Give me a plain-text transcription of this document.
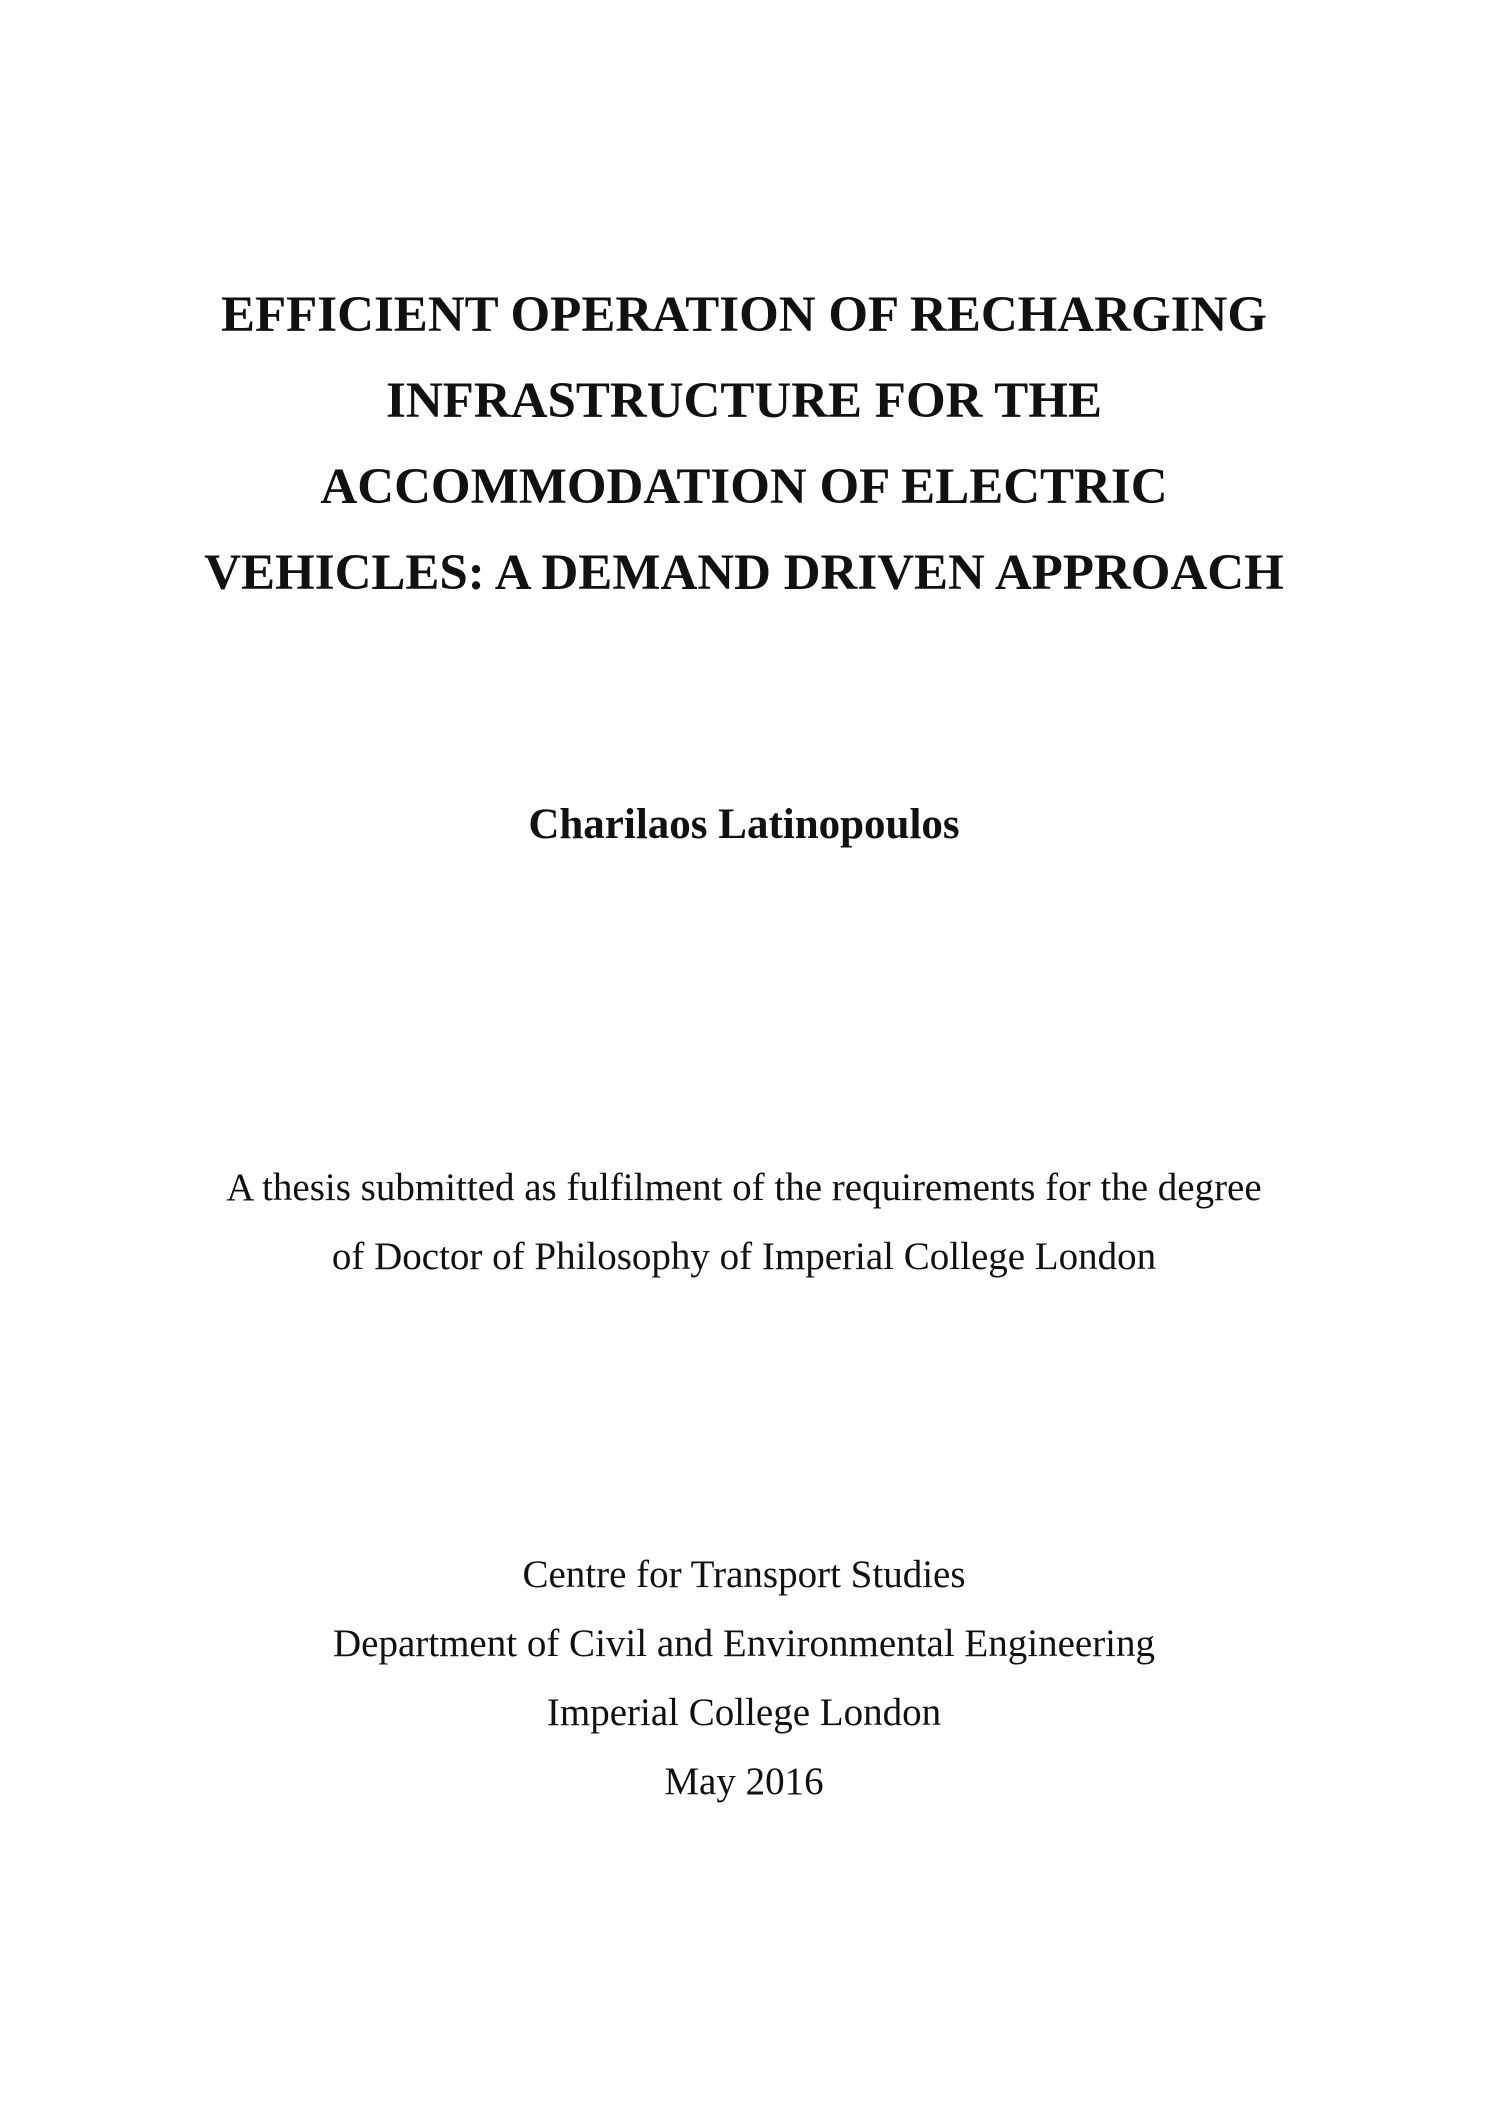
EFFICIENT OPERATION OF RECHARGING
INFRASTRUCTURE FOR THE
ACCOMMODATION OF ELECTRIC
VEHICLES: A DEMAND DRIVEN APPROACH
Charilaos Latinopoulos
A thesis submitted as fulfilment of the requirements for the degree
of Doctor of Philosophy of Imperial College London
Centre for Transport Studies
Department of Civil and Environmental Engineering
Imperial College London
May 2016
